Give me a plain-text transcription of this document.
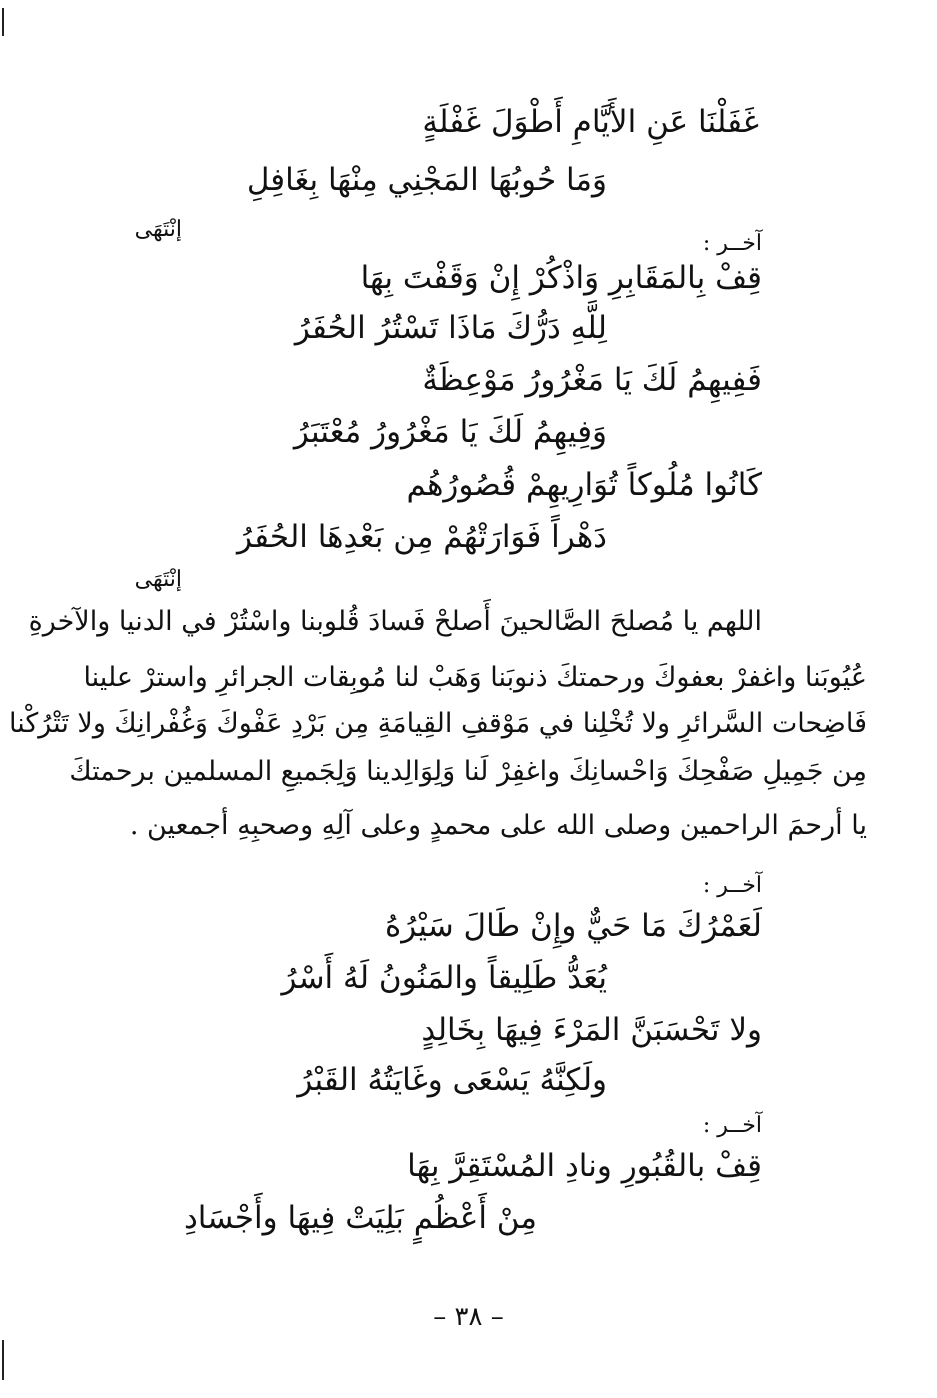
غَفَلْنَا عَنِ الأَيَّامِ أَطْوَلَ غَفْلَةٍ
وَمَا حُوبُهَا المَجْنِي مِنْهَا بِغَافِلِ
إنْتَهَى
آخــر :
قِفْ بِالمَقَابِرِ وَاذْكُرْ إِنْ وَقَفْتَ بِهَا
لِلَّهِ دَرُّكَ مَاذَا تَسْتُرُ الحُفَرُ
فَفِيهِمُ لَكَ يَا مَغْرُورُ مَوْعِظَةٌ
وَفِيهِمُ لَكَ يَا مَغْرُورُ مُعْتَبَرُ
كَانُوا مُلُوكاً تُوَارِيهِمْ قُصُورُهُم
دَهْراً فَوَارَتْهُمْ مِن بَعْدِهَا الحُفَرُ
إنْتَهَى
اللهم يا مُصلحَ الصَّالحينَ أَصلحْ فَسادَ قُلوبنا واسْتُرْ في الدنيا والآخرةِ
عُيُوبَنا واغفرْ بعفوكَ ورحمتكَ ذنوبَنا وَهَبْ لنا مُوبِقات الجرائرِ واسترْ علينا
فَاضِحات السَّرائرِ ولا تُخْلِنا في مَوْقفِ القِيامَةِ مِن بَرْدِ عَفْوكَ وَغُفْرانِكَ ولا تَتْرُكْنا
مِن جَمِيلِ صَفْحِكَ وَاحْسانِكَ واغفِرْ لَنا وَلِوَالِدينا وَلِجَميعِ المسلمين برحمتكَ
يا أرحمَ الراحمين وصلى الله على محمدٍ وعلى آلِهِ وصحبِهِ أجمعين .
آخــر :
لَعَمْرُكَ مَا حَيٌّ وإِنْ طَالَ سَيْرُهُ
يُعَدُّ طَلِيقاً والمَنُونُ لَهُ أَسْرُ
ولا تَحْسَبَنَّ المَرْءَ فِيهَا بِخَالِدٍ
ولَكِنَّهُ يَسْعَى وغَايَتُهُ القَبْرُ
آخــر :
قِفْ بالقُبُورِ ونادِ المُسْتَقِرَّ بِهَا
مِنْ أَعْظُمٍ بَلِيَتْ فِيهَا وأَجْسَادِ
– ٣٨ –
